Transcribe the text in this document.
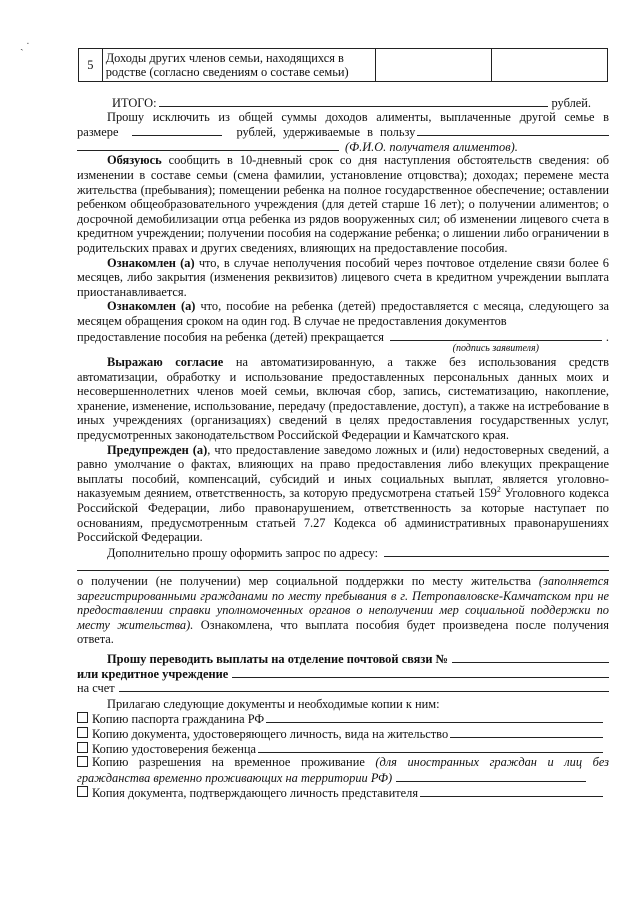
ˏ ˑ
5	Доходы других членов семьи, находящихся в родстве (согласно сведениям о составе семьи)		
ИТОГО:	рублей.
Прошу исключить из общей суммы доходов алименты, выплаченные другой семье в
размере	рублей, удерживаемые в пользу
(Ф.И.О. получателя алиментов).
Обязуюсь сообщить в 10-дневный срок со дня наступления обстоятельств сведения: об изменении в составе семьи (смена фамилии, установление отцовства); доходах; перемене места жительства (пребывания); помещении ребенка на полное государственное обеспечение; оставлении ребенком общеобразовательного учреждения (для детей старше 16 лет); о получении алиментов; о досрочной демобилизации отца ребенка из рядов вооруженных сил; об изменении лицевого счета в кредитном учреждении; получении пособия на содержание ребенка; о лишении либо ограничении в родительских правах и других сведениях, влияющих на предоставление пособия.
Ознакомлен (а) что, в случае неполучения пособий через почтовое отделение связи более 6 месяцев, либо закрытия (изменения реквизитов) лицевого счета в кредитном учреждении выплата приостанавливается.
Ознакомлен (а) что, пособие на ребенка (детей) предоставляется с месяца, следующего за месяцем обращения сроком на один год. В случае не предоставления документов
предоставление пособия на ребенка (детей) прекращается	.
(подпись заявителя)
Выражаю согласие на автоматизированную, а также без использования средств автоматизации, обработку и использование предоставленных персональных данных моих и несовершеннолетних членов моей семьи, включая сбор, запись, систематизацию, накопление, хранение, изменение, использование, передачу (предоставление, доступ), а также на истребование в иных учреждениях (организациях) сведений в целях предоставления государственных услуг, предусмотренных законодательством Российской Федерации и Камчатского края.
Предупрежден (а), что предоставление заведомо ложных и (или) недостоверных сведений, а равно умолчание о фактах, влияющих на право предоставления либо влекущих прекращение выплаты пособий, компенсаций, субсидий и иных социальных выплат, является уголовно-наказуемым деянием, ответственность, за которую предусмотрена статьей $159^2$ Уголовного кодекса Российской Федерации, либо правонарушением, ответственность за которые наступает по основаниям, предусмотренным статьей 7.27 Кодекса об административных правонарушениях Российской Федерации.
Дополнительно прошу оформить запрос по адресу:
о получении (не получении) мер социальной поддержки по месту жительства (заполняется зарегистрированными гражданами по месту пребывания в г. Петропавловске-Камчатском при не предоставлении справки уполномоченных органов о неполучении мер социальной поддержки по месту жительства). Ознакомлена, что выплата пособия будет произведена после получения ответа.
Прошу переводить выплаты на отделение почтовой связи №
или кредитное учреждение
на счет
Прилагаю следующие документы и необходимые копии к ним:
Копию паспорта гражданина РФ
Копию документа, удостоверяющего личность, вида на жительство
Копию удостоверения беженца
Копию разрешения на временное проживание (для иностранных граждан и лиц без гражданства временно проживающих на территории РФ)
Копия документа, подтверждающего личность представителя
